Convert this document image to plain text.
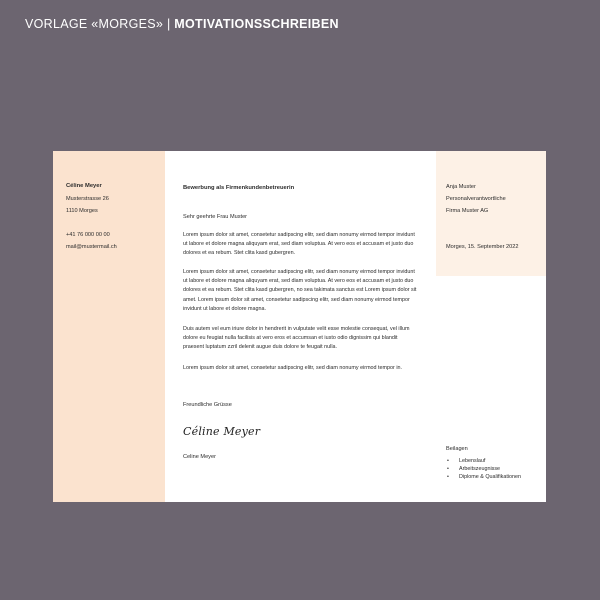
VORLAGE «MORGES» | MOTIVATIONSSCHREIBEN
Céline Meyer
Musterstrasse 26
1110 Morges
+41 76 000 00 00
mail@mustermail.ch
Anja Muster
Personalverantwortliche
Firma Muster AG
Morges, 15. September 2022
Bewerbung als Firmenkundenbetreuerin
Sehr geehrte Frau Muster
Lorem ipsum dolor sit amet, consetetur sadipscing elitr, sed diam nonumy eirmod tempor invidunt ut labore et dolore magna aliquyam erat, sed diam voluptua. At vero eos et accusam et justo duo dolores et ea rebum. Stet clita kasd gubergren.
Lorem ipsum dolor sit amet, consetetur sadipscing elitr, sed diam nonumy eirmod tempor invidunt ut labore et dolore magna aliquyam erat, sed diam voluptua. At vero eos et accusam et justo duo dolores et ea rebum. Stet clita kasd gubergren, no sea takimata sanctus est Lorem ipsum dolor sit amet. Lorem ipsum dolor sit amet, consetetur sadipscing elitr, sed diam nonumy eirmod tempor invidunt ut labore et dolore magna.
Duis autem vel eum iriure dolor in hendrerit in vulputate velit esse molestie consequat, vel illum dolore eu feugiat nulla facilisis at vero eros et accumsan et iusto odio dignissim qui blandit praesent luptatum zzril delenit augue duis dolore te feugait nulla.
Lorem ipsum dolor sit amet, consetetur sadipscing elitr, sed diam nonumy eirmod tempor in.
Freundliche Grüsse
Céline Meyer
Celine Meyer
Beilagen
• Lebenslauf
• Arbeitszeugnisse
• Diplome & Qualifikationen
